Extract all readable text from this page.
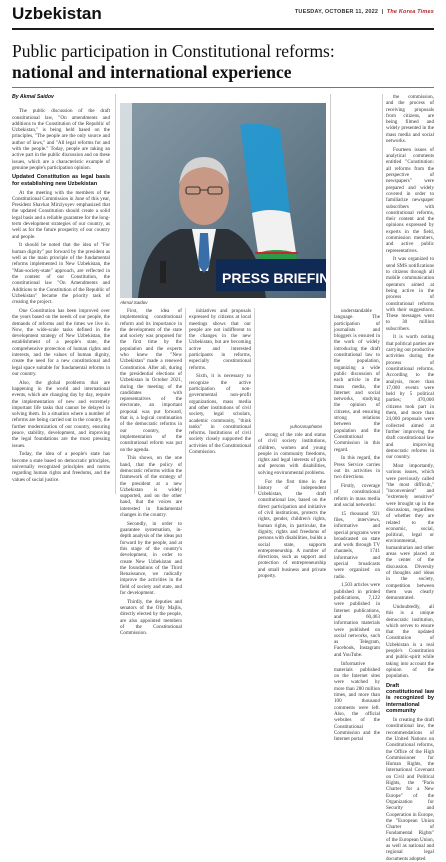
Uzbekistan	TUESDAY, OCTOBER 11, 2022  |  The Korea Times
Public participation in Constitutional reforms:
national and international experience
By Akmal Saidov

The public discussion of the draft constitutional law, "On amendments and additions to the Constitution of the Republic of Uzbekistan," is being held based on the principles, "The people are the only source and author of laws," and "All legal reforms for and with the people." Today, people are taking an active part in the public discussion and on these issues, which are a characteristic example of genuine people's participation opinion.

Updated Constitution as legal basis for establishing new Uzbekistan

At the meeting with the members of the Constitutional Commission in June of this year, President Shavkat Mirziyoyev emphasized that the updated Constitution should create a solid legal basis and a reliable guarantee for the long-term development strategies of our country, as well as for the future prosperity of our country and people.

It should be noted that the idea of "For human dignity" put forward by the president as well as the main principle of the fundamental reforms implemented in New Uzbekistan, the "Man-society-state" approach, are reflected in the content of our Constitution, the constitutional law "On Amendments and Additions to the Constitution of the Republic of Uzbekistan" became the priority task of creating the project.

One Constitution has been improved over the years based on the needs of our people, the demands of reforms and the times we live in. Now, the wide-scale tasks defined in the development strategy of New Uzbekistan, the establishment of a people's state, the comprehensive protection of human rights and interests, and the values of human dignity, create the need for a new constitutional and legal space suitable for fundamental reforms in our country.

Also, the global problems that are happening in the world and international events, which are changing day by day, require the implementation of new and extremely important life tasks that cannot be delayed in solving them. In a situation where a number of reforms are being carried out in the country, the further modernization of our country, ensuring peace, stability, development, and improving the legal foundations are the most pressing issues.

Today, the idea of a people's state has become a state based on democratic principles, universally recognized principles and norms regarding human rights and freedoms, and the values of social justice.

PRESS BRIEFING
Akmal Saidov

First, the idea of implementing constitutional reform and its importance in the development of the state and society was proposed for the first time by the population and the experts who knew the "New Uzbekistan" made a renewed Constitution. After all, during the presidential elections of Uzbekistan in October 2021, during the meeting of the candidates with representatives of the electorate, an important proposal was put forward, that is, a logical continuation of the democratic reforms in our country, the implementation of the constitutional reform was put on the agenda.

This shows, on the one hand, that the policy of democratic reforms within the framework of the strategy of the president at a new Uzbekistan is widely supported, and on the other hand, that the voices are interested in fundamental changes in the country.

Secondly, in order to guarantee systematism, in-depth analysis of the ideas put forward by the people, and at this stage of the country's development, in order to create New Uzbekistan and the foundations of the Third Renaissance, we radically improve the activities in the field of society and state, and for development.

Thirdly, the deputies and senators of the Oliy Majlis, directly elected by the people, are also appointed members of the Constitutional Commission.

initiatives and proposals expressed by citizens at local meetings shows that our people are not indifferent to the changes in the new Uzbekistan, but are becoming active and interested participants in reforms, especially constitutional reforms.

Sixth, it is necessary to recognize the active participation of non-governmental non-profit organizations, mass media and other institutions of civil society, legal scholars, academic community, "think tanks" in constitutional reforms. Institutions of civil society closely supported the activities of the Constitutional Commission.

strong of the role and status of civil society institutions, children, women and young people in community freedoms, rights and legal interests of girls and persons with disabilities, solving environmental problems.

For the first time in the history of independent Uzbekistan, the draft constitutional law, based on the direct participation and initiative of civil institutions, protects the rights, gender, children's rights, human rights, in particular, the dignity, rights and freedoms of persons with disabilities, builds a social state, supports entrepreneurship. A number of directions, such as support and protection of entrepreneurship and small business and private property.

yuhoranaphotos

understandable language. The participation of journalists and bloggers is ensured in the work of widely introducing the draft constitutional law to the population, organizing a wide public discussion of each article in the mass media, the Internet and social networks, studying the opinion of citizens, and ensuring strong relations between the population and the Constitutional Commission in this regard.

In this regard, the Press Service carries out its activities in two directions.

Firstly, coverage of constitutional reform in mass media and social networks:

15 thousand 921 files, interviews, informative and special programs were broadcasted on state and work through TV channels, 1741 informative and special broadcasts were organized on radio.

1,503 articles were published in printed publications, 7,122 were published in Internet publications, and 60,463 information materials were published on social networks, such as Telegram, Facebook, Instagram and YouTube.

Informative materials published on the Internet sites were watched by more than 280 million times, and more than 100 thousand comments were left. Also, the official websites of the Constitutional Commission and the Internet portal

the commission, and the process of receiving proposals from citizens, are being filmed and widely presented in the mass media and social networks.

Fourteen issues of analytical comments entitled "Constitution: all reforms from the perspective of newspapers" were prepared and widely covered in order to familiarize newspaper subscribers with constitutional reforms, their content and the opinions expressed by experts in the field, commission members, and active public representatives.

It was organized to send SMS notifications to citizens through all mobile communication operators aimed at being active in the process of constitutional reforms with their suggestions. These messages went to 30 million subscribers.

It is worth noting that political parties are carrying out productive activities during the process of constitutional reforms. According to the analysis, more than 17,000 events were held by 5 political parties; 470,000 citizens took part in them, and more than 24,000 proposals were collected aimed at further improving the draft constitutional law and improving democratic reforms in our country.

Most importantly, various issues, which were previously called "the most difficult," "inconvenient" and "extremely sensitive" were brought up in the discussions, regardless of whether they are related to the economic, social, political, legal or environmental, humanitarian and other areas were placed at the center of the discussion. Diversity of thoughts and ideas in the society, competition between them was clearly demonstrated.

Undoubtedly, all this is a unique democratic institution, which serves to ensure that the updated Constitution of Uzbekistan is a real people's Constitution and public-spirit while taking into account the opinion of the population.

Draft constitutional law is recognized by international community

In creating the draft constitutional law, the recommendations of the United Nations on Constitutional reforms, the Office of the High Commissioner for Human Rights, the International Covenant on Civil and Political Rights, the "Paris Charter for a New Europe" of the Organization for Security and Cooperation in Europe, the "European Union Charter of Fundamental Rights" of the European Union, as well as national and regional legal documents adopted
